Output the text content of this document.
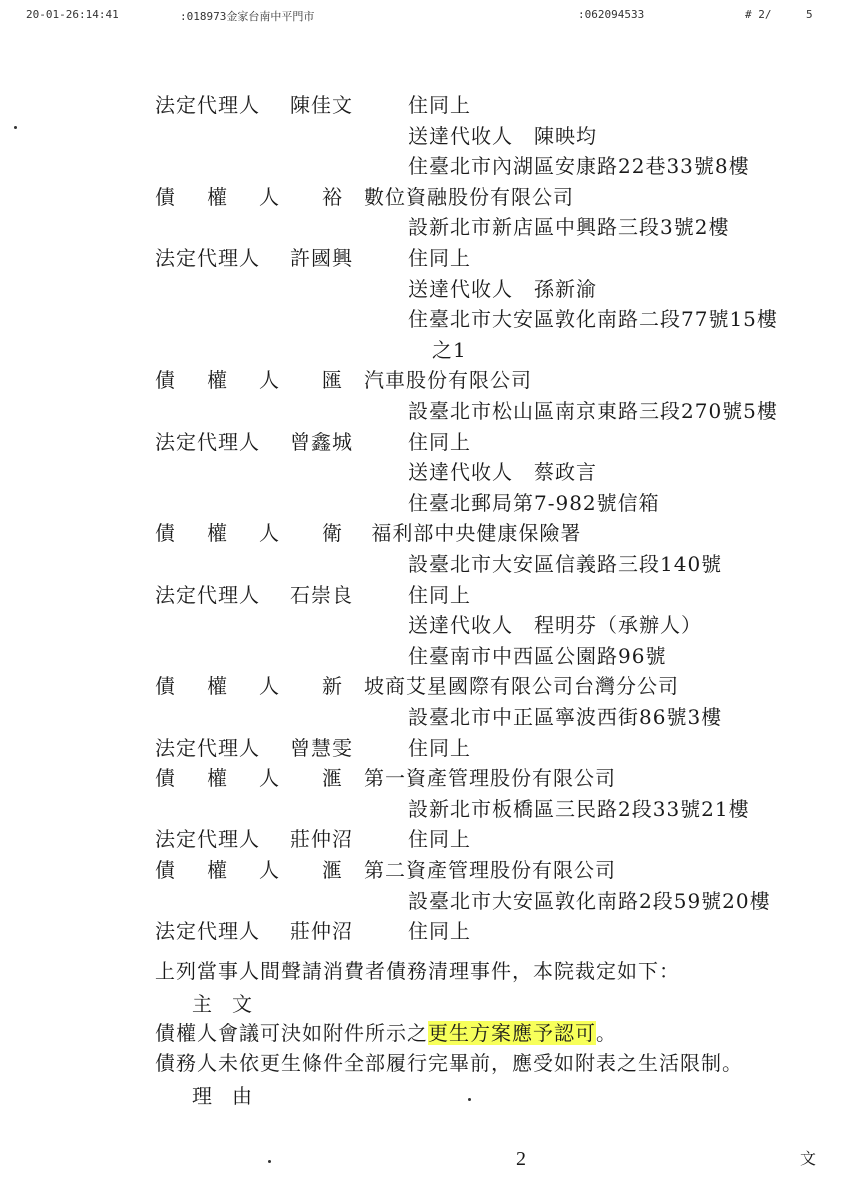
20-01-26:14:41	:018973金家台南中平門市	:062094533	# 2/	5
法定代理人 陳佳文	住同上
送達代收人　陳映均
住臺北市內湖區安康路22巷33號8樓
債　權　人 裕　數位資融股份有限公司
設新北市新店區中興路三段3號2樓
法定代理人 許國興	住同上
送達代收人　孫新渝
住臺北市大安區敦化南路二段77號15樓
之1
債　權　人 匯　汽車股份有限公司
設臺北市松山區南京東路三段270號5樓
法定代理人 曾鑫城	住同上
送達代收人　蔡政言
住臺北郵局第7-982號信箱
債　權　人 衛　 福利部中央健康保險署
設臺北市大安區信義路三段140號
法定代理人 石崇良	住同上
送達代收人　程明芬（承辦人）
住臺南市中西區公園路96號
債　權　人 新　坡商艾星國際有限公司台灣分公司
設臺北市中正區寧波西街86號3樓
法定代理人 曾慧雯	住同上
債　權　人 滙　第一資產管理股份有限公司
設新北市板橋區三民路2段33號21樓
法定代理人 莊仲沼	住同上
債　權　人 滙　第二資產管理股份有限公司
設臺北市大安區敦化南路2段59號20樓
法定代理人 莊仲沼	住同上
上列當事人間聲請消費者債務清理事件，本院裁定如下：
主文
債權人會議可決如附件所示之更生方案應予認可。
債務人未依更生條件全部履行完畢前，應受如附表之生活限制。
理由
2	文
